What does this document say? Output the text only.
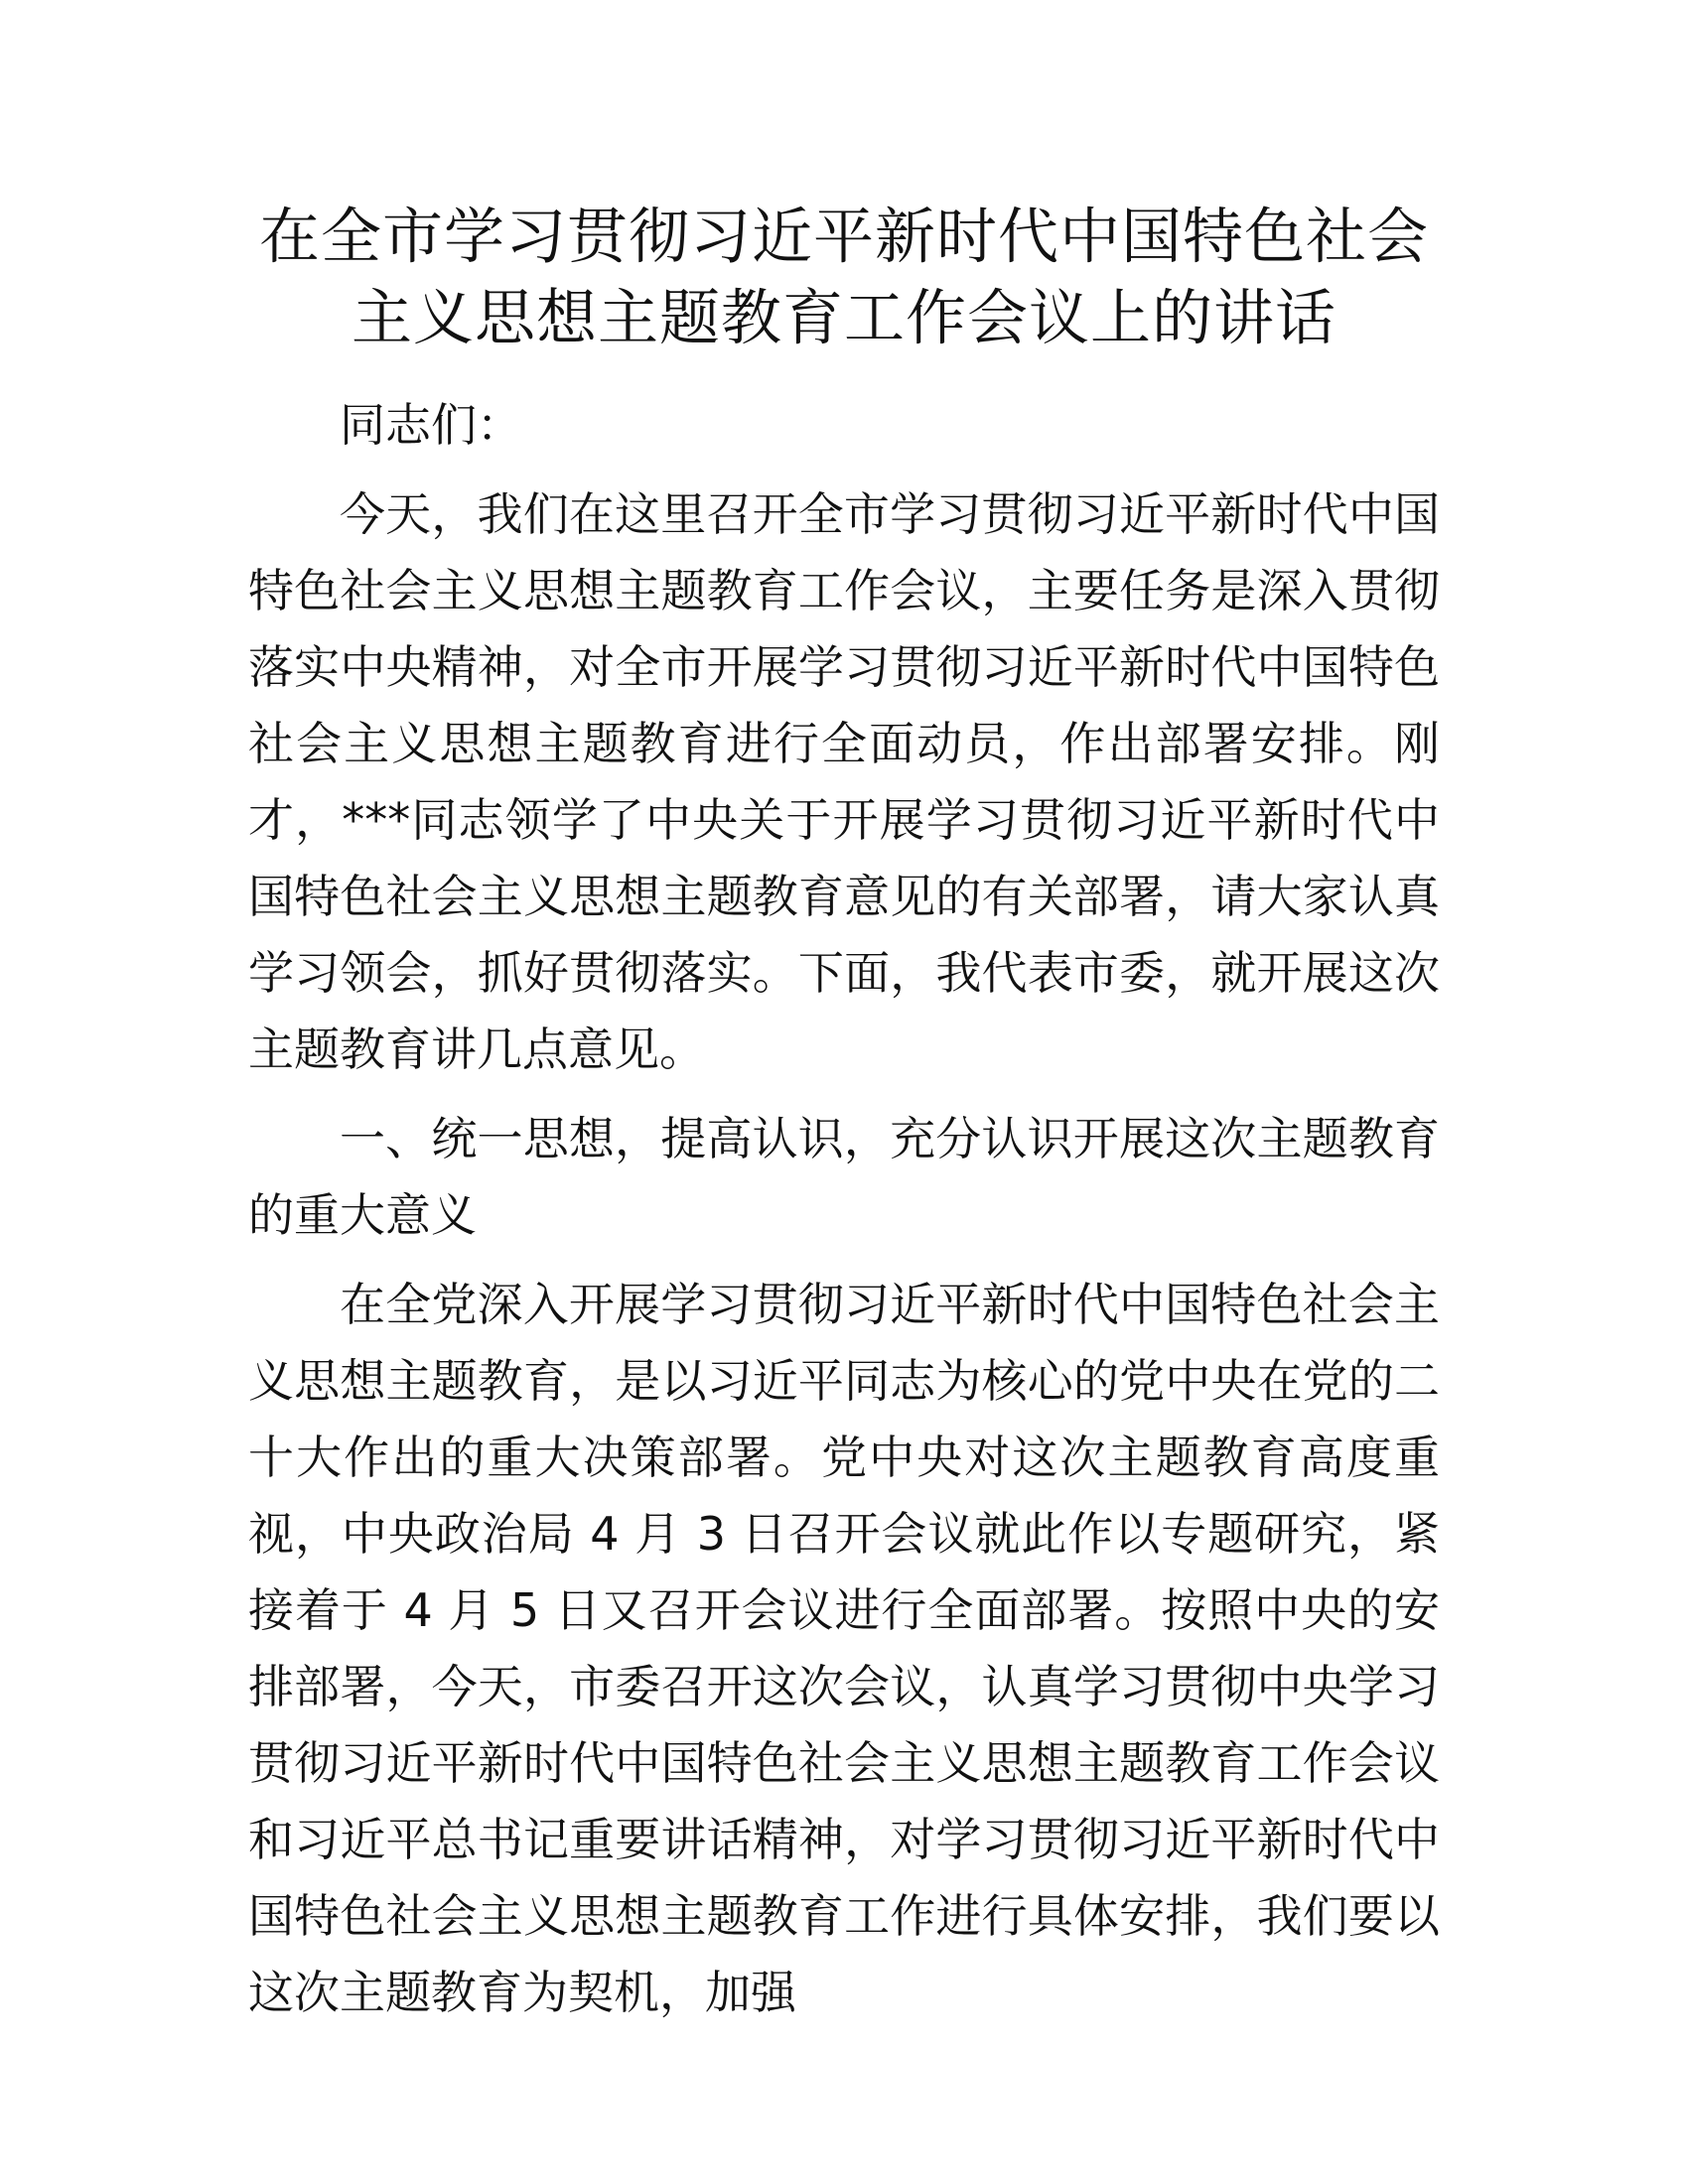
在全市学习贯彻习近平新时代中国特色社会主义思想主题教育工作会议上的讲话

同志们：

今天，我们在这里召开全市学习贯彻习近平新时代中国特色社会主义思想主题教育工作会议，主要任务是深入贯彻落实中央精神，对全市开展学习贯彻习近平新时代中国特色社会主义思想主题教育进行全面动员，作出部署安排。刚才，***同志领学了中央关于开展学习贯彻习近平新时代中国特色社会主义思想主题教育意见的有关部署，请大家认真学习领会，抓好贯彻落实。下面，我代表市委，就开展这次主题教育讲几点意见。

一、统一思想，提高认识，充分认识开展这次主题教育的重大意义

在全党深入开展学习贯彻习近平新时代中国特色社会主义思想主题教育，是以习近平同志为核心的党中央在党的二十大作出的重大决策部署。党中央对这次主题教育高度重视，中央政治局 4 月 3 日召开会议就此作以专题研究，紧接着于 4 月 5 日又召开会议进行全面部署。按照中央的安排部署，今天，市委召开这次会议，认真学习贯彻中央学习贯彻习近平新时代中国特色社会主义思想主题教育工作会议和习近平总书记重要讲话精神，对学习贯彻习近平新时代中国特色社会主义思想主题教育工作进行具体安排，我们要以这次主题教育为契机，加强
